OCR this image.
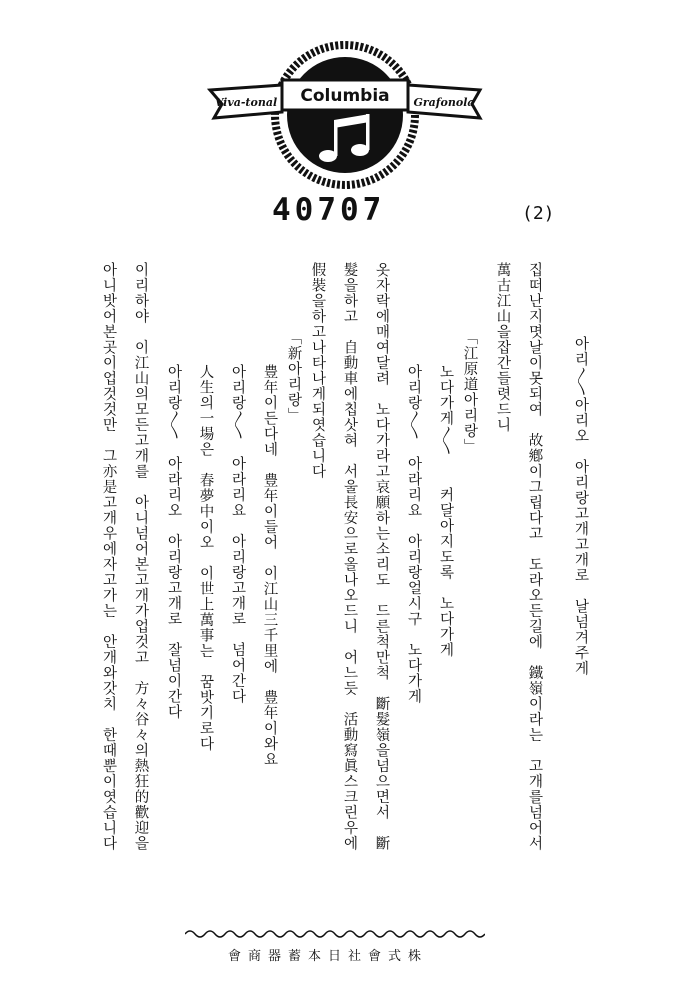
Viva-tonal Columbia Grafonola
40707	(2)
아리〱아리오　아리랑고개고개로　날넘겨주게
집떠난지몃날이못되여　故鄕이그립다고　도라오든길에　鐵嶺이라는　고개를넘어서
萬古江山을잡간들렷드니
「江原道아리랑」
노다가게〱　　커달아지도록　노다가게
아리랑〱　아라리요　아리랑얼시구　노다가게
옷자락에매여달려　노다가라고哀願하는소리도　드른척만척　斷髮嶺을넘으면서　斷
髮을하고　自動車에칩삿혀　서울長安으로올나오드니　어느듯　活動寫眞스크린우에
假裝을하고나타나게되엿습니다
「新아리랑」
豊年이든다네　豊年이들어　이江山三千里에　豊年이와요
아리랑〱　아라리요　아리랑고개로　넘어간다
人生의一場은　春夢中이오　이世上萬事는　꿈밧기로다
아리랑〱　아라리오　아리랑고개로　잘넘이간다
이리하야　이江山의모든고개를　아니넘어본고개가업것고　方々谷々의熱狂的歡迎을
아니밧어본곳이업것것만　그亦是고개우에자고가는　안개와갓치　한때뿐이엿습니다
會商器蓄本日社會式株
